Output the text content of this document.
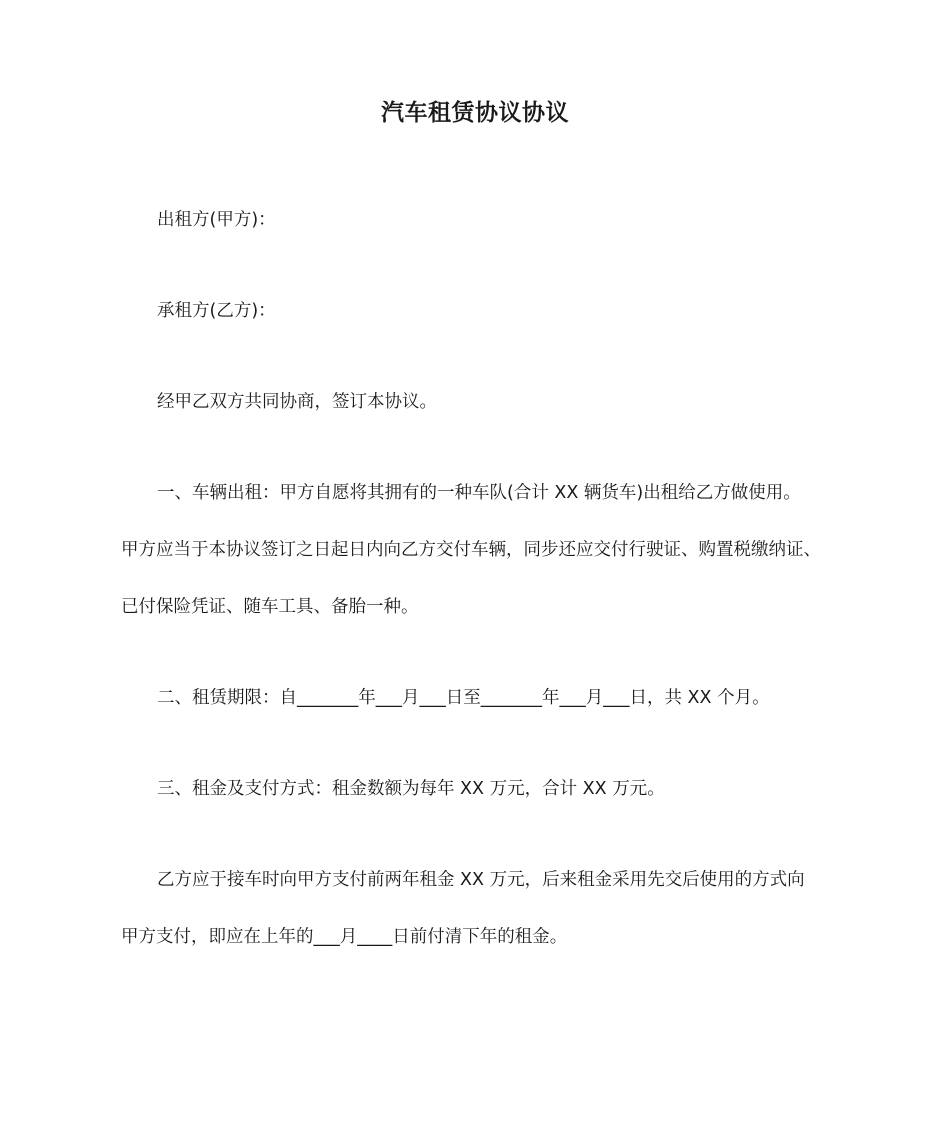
汽车租赁协议协议
出租方(甲方)：
承租方(乙方)：
经甲乙双方共同协商，签订本协议。
一、车辆出租：甲方自愿将其拥有的一种车队(合计 XX 辆货车)出租给乙方做使用。
甲方应当于本协议签订之日起日内向乙方交付车辆，同步还应交付行驶证、购置税缴纳证、
已付保险凭证、随车工具、备胎一种。
二、租赁期限：自_______年___月___日至_______年___月___日，共 XX 个月。
三、租金及支付方式：租金数额为每年 XX 万元，合计 XX 万元。
乙方应于接车时向甲方支付前两年租金 XX 万元，后来租金采用先交后使用的方式向
甲方支付，即应在上年的___月____日前付清下年的租金。
